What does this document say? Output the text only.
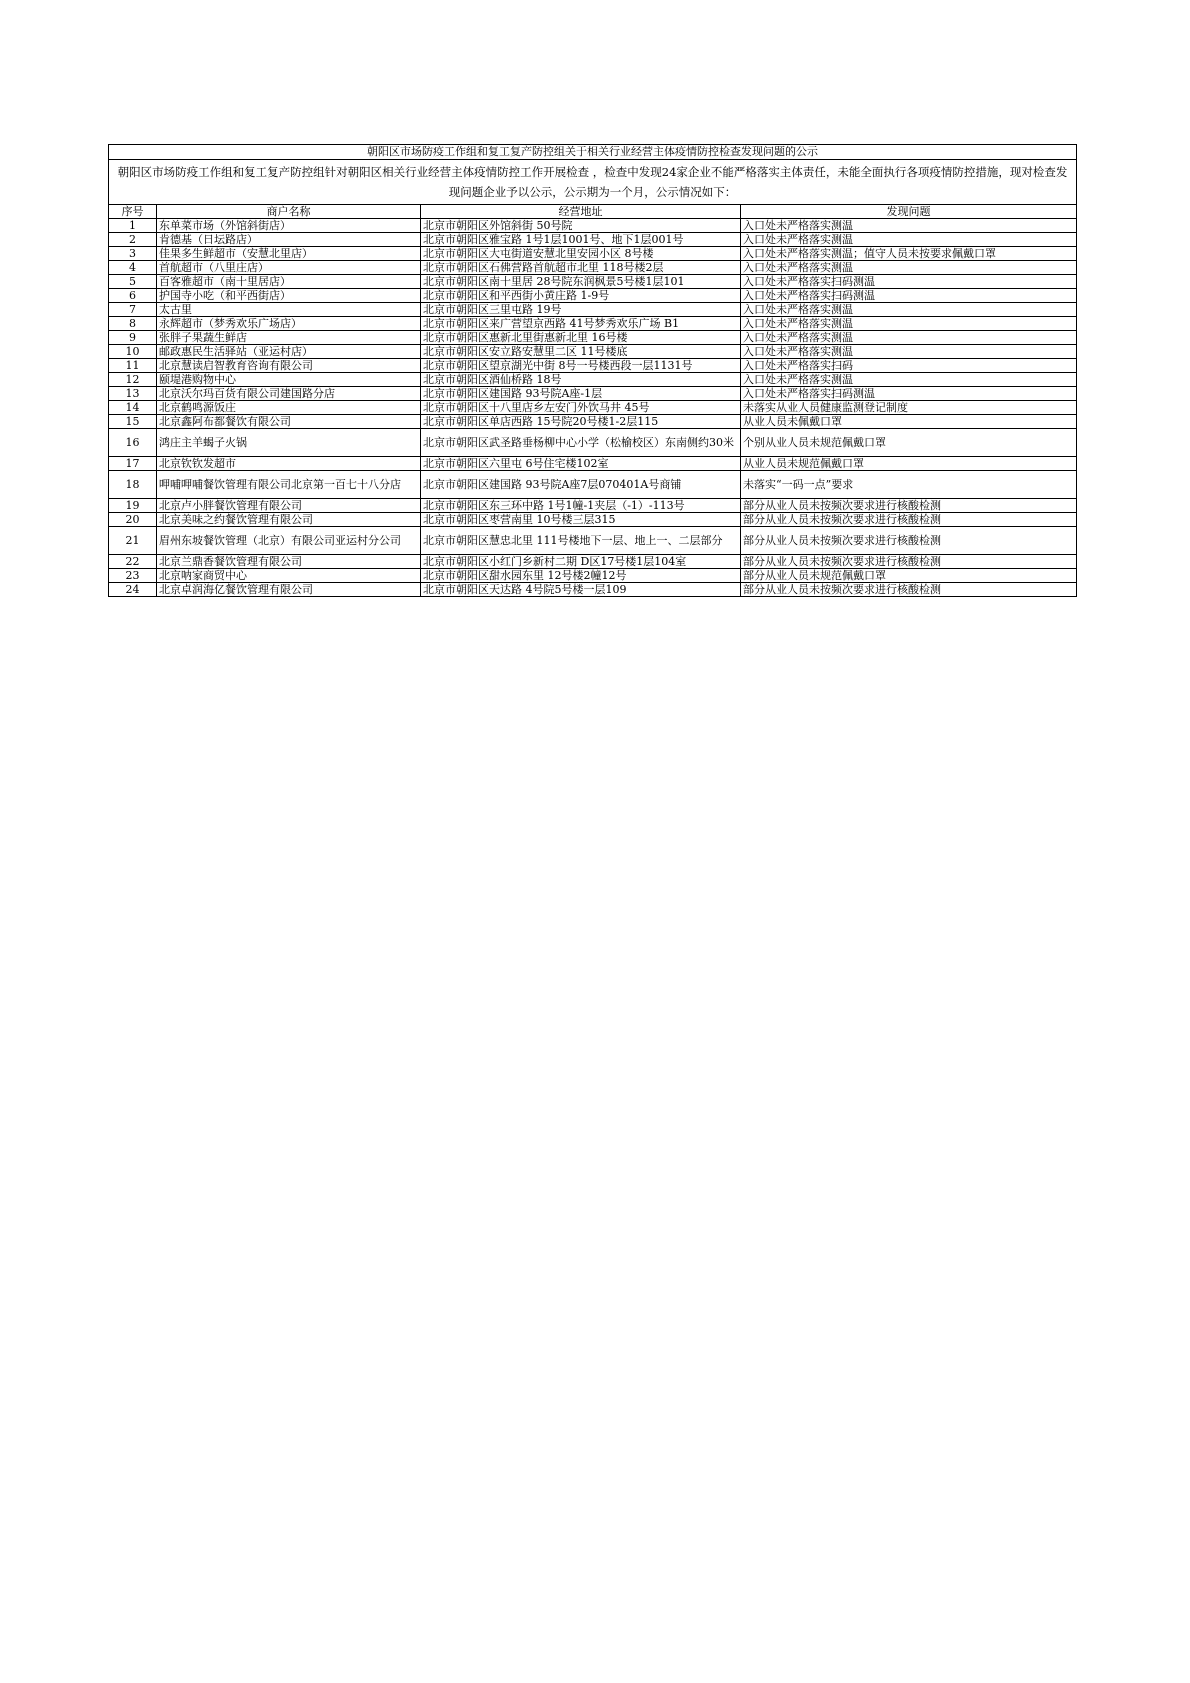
朝阳区市场防疫工作组和复工复产防控组关于相关行业经营主体疫情防控检查发现问题的公示			
朝阳区市场防疫工作组和复工复产防控组针对朝阳区相关行业经营主体疫情防控工作开展检查 ，检查中发现24家企业不能严格落实主体责任，未能全面执行各项疫情防控措施，现对检查发现问题企业予以公示，公示期为一个月，公示情况如下：			
序号	商户名称	经营地址	发现问题
1	东单菜市场（外馆斜街店）	北京市朝阳区外馆斜街 50号院	入口处未严格落实测温
2	肯德基（日坛路店）	北京市朝阳区雅宝路 1号1层1001号、地下1层001号	入口处未严格落实测温
3	佳果多生鲜超市（安慧北里店）	北京市朝阳区大屯街道安慧北里安园小区 8号楼	入口处未严格落实测温；值守人员未按要求佩戴口罩
4	首航超市（八里庄店）	北京市朝阳区石佛营路首航超市北里 118号楼2层	入口处未严格落实测温
5	百客雅超市（南十里居店）	北京市朝阳区南十里居 28号院东润枫景5号楼1层101	入口处未严格落实扫码测温
6	护国寺小吃（和平西街店）	北京市朝阳区和平西街小黄庄路 1-9号	入口处未严格落实扫码测温
7	太古里	北京市朝阳区三里屯路 19号	入口处未严格落实测温
8	永辉超市（梦秀欢乐广场店）	北京市朝阳区来广营望京西路 41号梦秀欢乐广场 B1	入口处未严格落实测温
9	张胖子果蔬生鲜店	北京市朝阳区惠新北里街惠新北里 16号楼	入口处未严格落实测温
10	邮政惠民生活驿站（亚运村店）	北京市朝阳区安立路安慧里二区 11号楼底	入口处未严格落实测温
11	北京慧读启智教育咨询有限公司	北京市朝阳区望京湖光中街 8号一号楼西段一层1131号	入口处未严格落实扫码
12	颐堤港购物中心	北京市朝阳区酒仙桥路 18号	入口处未严格落实测温
13	北京沃尔玛百货有限公司建国路分店	北京市朝阳区建国路 93号院A座-1层	入口处未严格落实扫码测温
14	北京鹤鸣源饭庄	北京市朝阳区十八里店乡左安门外饮马井 45号	未落实从业人员健康监测登记制度
15	北京鑫阿布都餐饮有限公司	北京市朝阳区单店西路 15号院20号楼1-2层115	从业人员未佩戴口罩
16	鸿庄主羊蝎子火锅	北京市朝阳区武圣路垂杨柳中心小学（松榆校区）东南侧约30米	个别从业人员未规范佩戴口罩
17	北京钦钦发超市	北京市朝阳区六里屯 6号住宅楼102室	从业人员未规范佩戴口罩
18	呷哺呷哺餐饮管理有限公司北京第一百七十八分店	北京市朝阳区建国路 93号院A座7层070401A号商铺	未落实“一码一点”要求
19	北京卢小胖餐饮管理有限公司	北京市朝阳区东三环中路 1号1幢-1夹层（-1）-113号	部分从业人员未按频次要求进行核酸检测
20	北京美味之约餐饮管理有限公司	北京市朝阳区枣营南里 10号楼三层315	部分从业人员未按频次要求进行核酸检测
21	眉州东坡餐饮管理（北京）有限公司亚运村分公司	北京市朝阳区慧忠北里 111号楼地下一层、地上一、二层部分	部分从业人员未按频次要求进行核酸检测
22	北京兰鼎香餐饮管理有限公司	北京市朝阳区小红门乡新村二期 D区17号楼1层104室	部分从业人员未按频次要求进行核酸检测
23	北京呐家商贸中心	北京市朝阳区甜水园东里 12号楼2幢12号	部分从业人员未规范佩戴口罩
24	北京卓润海亿餐饮管理有限公司	北京市朝阳区天达路 4号院5号楼一层109	部分从业人员未按频次要求进行核酸检测
